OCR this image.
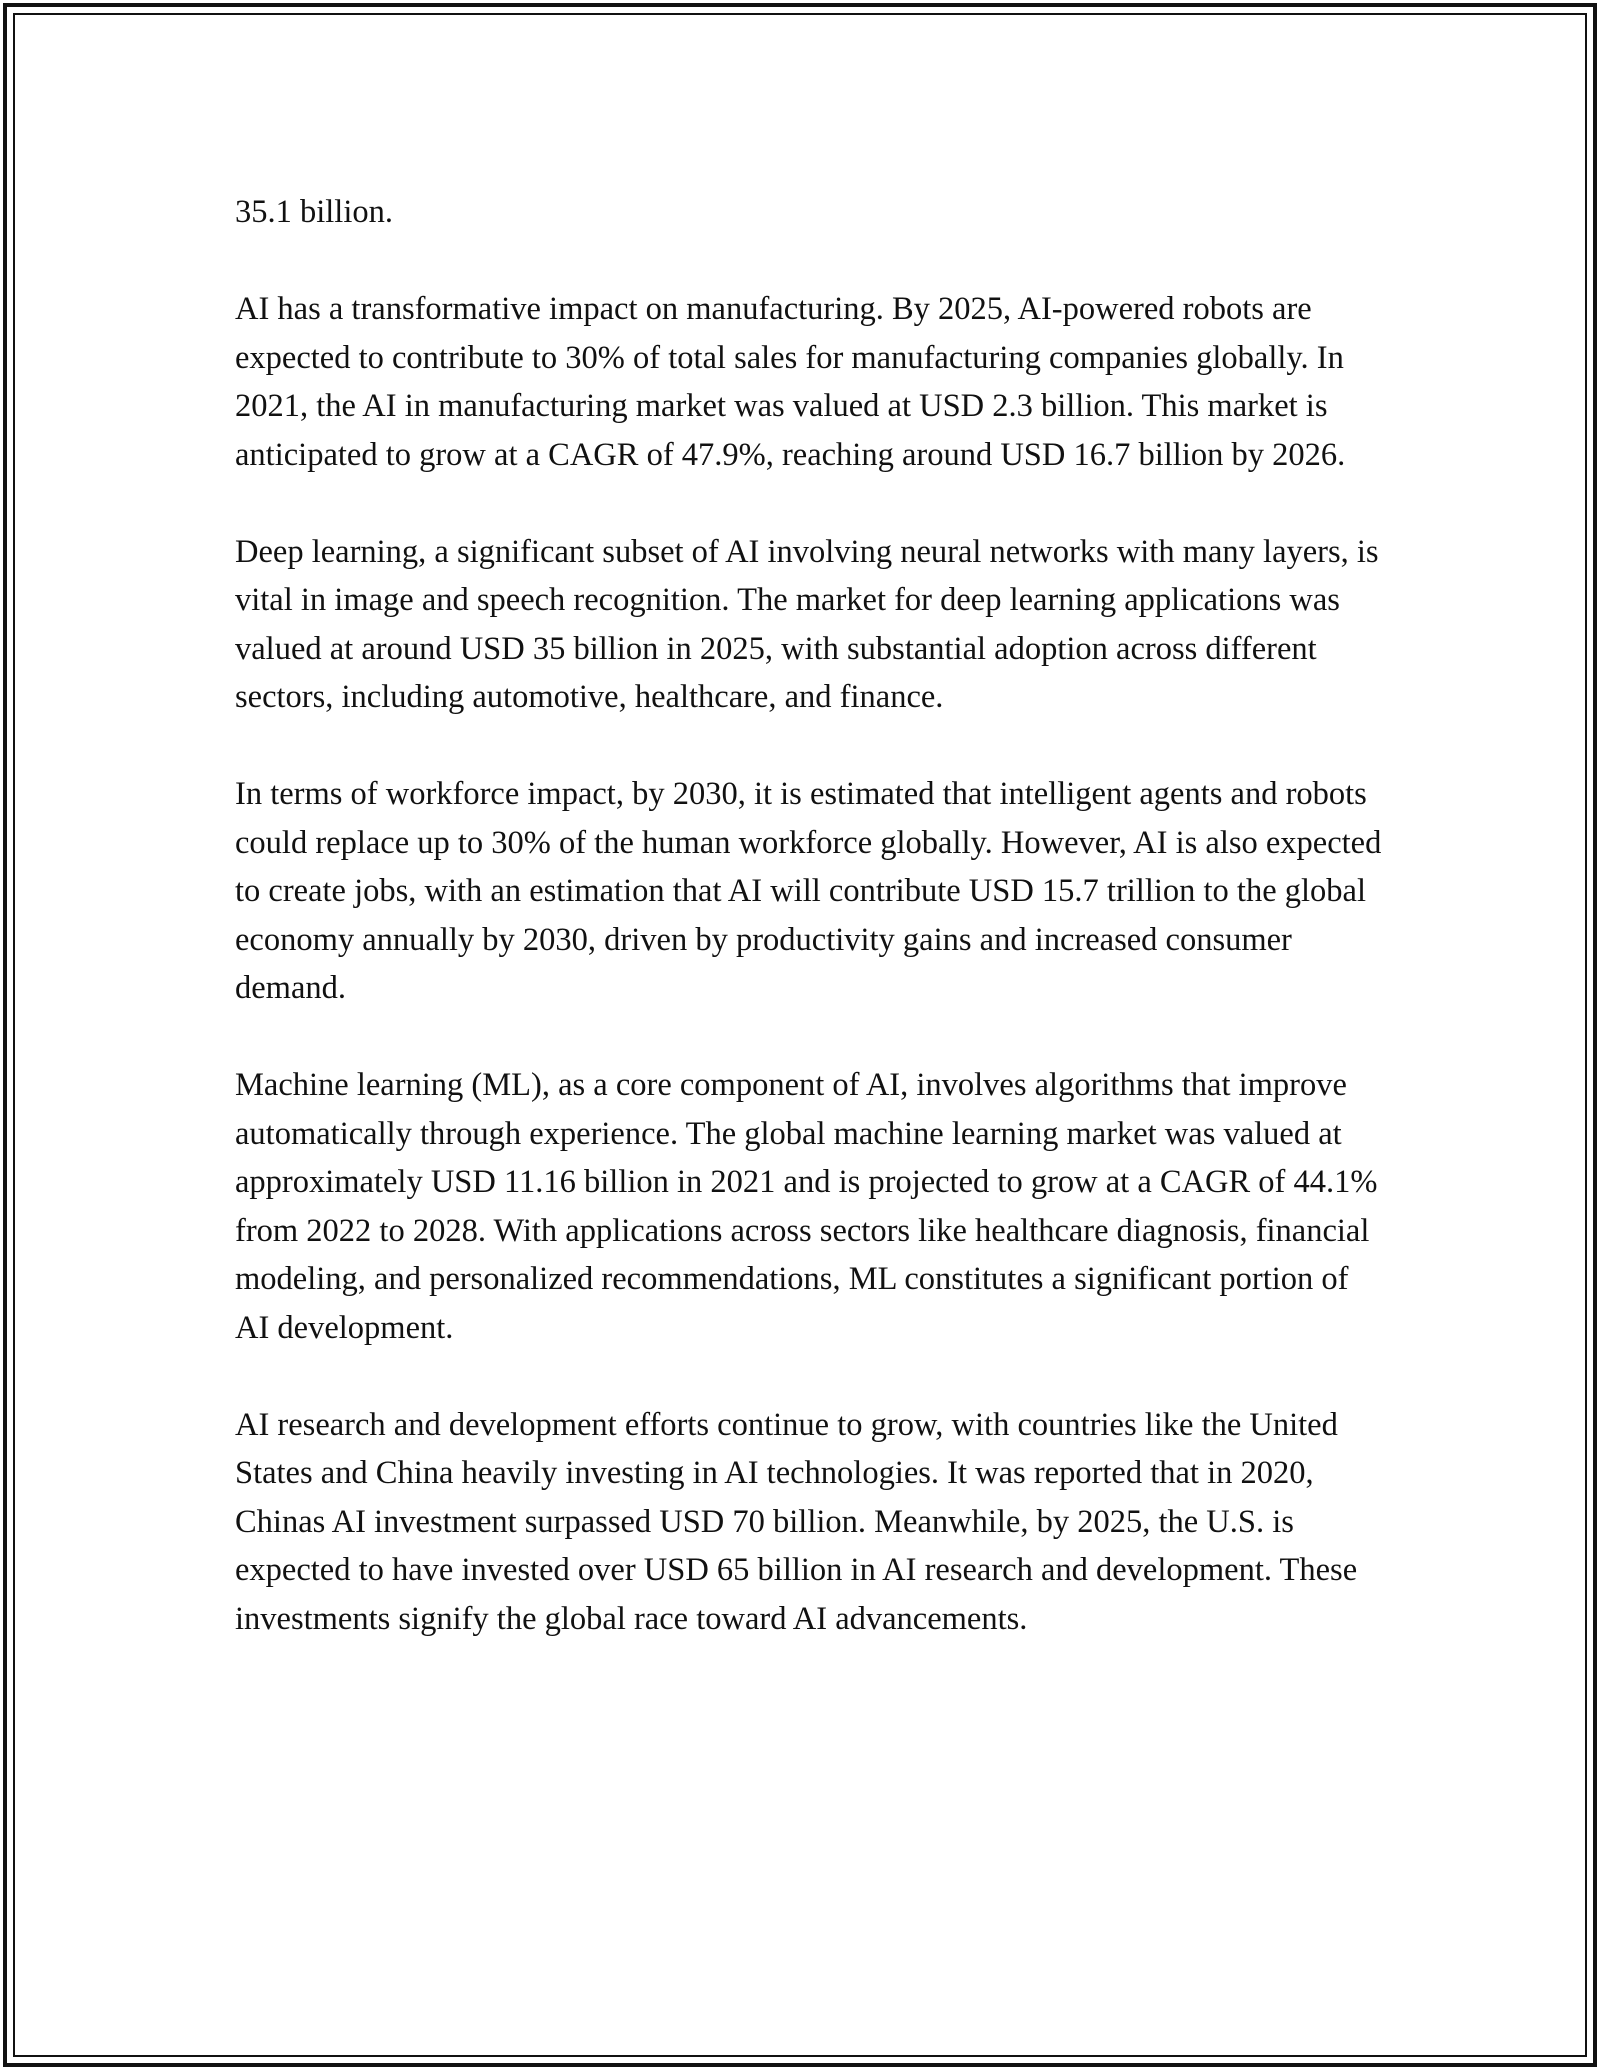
35.1 billion.

AI has a transformative impact on manufacturing. By 2025, AI-powered robots are expected to contribute to 30% of total sales for manufacturing companies globally. In 2021, the AI in manufacturing market was valued at USD 2.3 billion. This market is anticipated to grow at a CAGR of 47.9%, reaching around USD 16.7 billion by 2026.

Deep learning, a significant subset of AI involving neural networks with many layers, is vital in image and speech recognition. The market for deep learning applications was valued at around USD 35 billion in 2025, with substantial adoption across different sectors, including automotive, healthcare, and finance.

In terms of workforce impact, by 2030, it is estimated that intelligent agents and robots could replace up to 30% of the human workforce globally. However, AI is also expected to create jobs, with an estimation that AI will contribute USD 15.7 trillion to the global economy annually by 2030, driven by productivity gains and increased consumer demand.

Machine learning (ML), as a core component of AI, involves algorithms that improve automatically through experience. The global machine learning market was valued at approximately USD 11.16 billion in 2021 and is projected to grow at a CAGR of 44.1% from 2022 to 2028. With applications across sectors like healthcare diagnosis, financial modeling, and personalized recommendations, ML constitutes a significant portion of AI development.

AI research and development efforts continue to grow, with countries like the United States and China heavily investing in AI technologies. It was reported that in 2020, Chinas AI investment surpassed USD 70 billion. Meanwhile, by 2025, the U.S. is expected to have invested over USD 65 billion in AI research and development. These investments signify the global race toward AI advancements.
